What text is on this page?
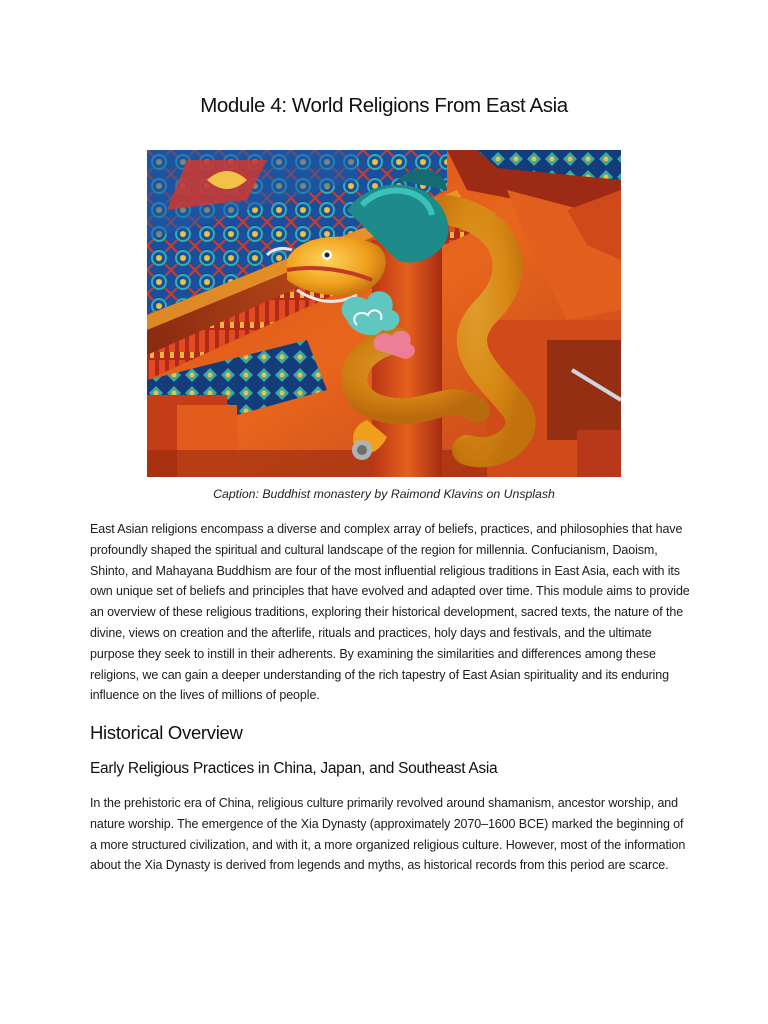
Module 4: World Religions From East Asia
Caption: Buddhist monastery by Raimond Klavins on Unsplash

East Asian religions encompass a diverse and complex array of beliefs, practices, and philosophies that have profoundly shaped the spiritual and cultural landscape of the region for millennia. Confucianism, Daoism, Shinto, and Mahayana Buddhism are four of the most influential religious traditions in East Asia, each with its own unique set of beliefs and principles that have evolved and adapted over time. This module aims to provide an overview of these religious traditions, exploring their historical development, sacred texts, the nature of the divine, views on creation and the afterlife, rituals and practices, holy days and festivals, and the ultimate purpose they seek to instill in their adherents. By examining the similarities and differences among these religions, we can gain a deeper understanding of the rich tapestry of East Asian spirituality and its enduring influence on the lives of millions of people.

Historical Overview
Early Religious Practices in China, Japan, and Southeast Asia

In the prehistoric era of China, religious culture primarily revolved around shamanism, ancestor worship, and nature worship. The emergence of the Xia Dynasty (approximately 2070–1600 BCE) marked the beginning of a more structured civilization, and with it, a more organized religious culture. However, most of the information about the Xia Dynasty is derived from legends and myths, as historical records from this period are scarce.
